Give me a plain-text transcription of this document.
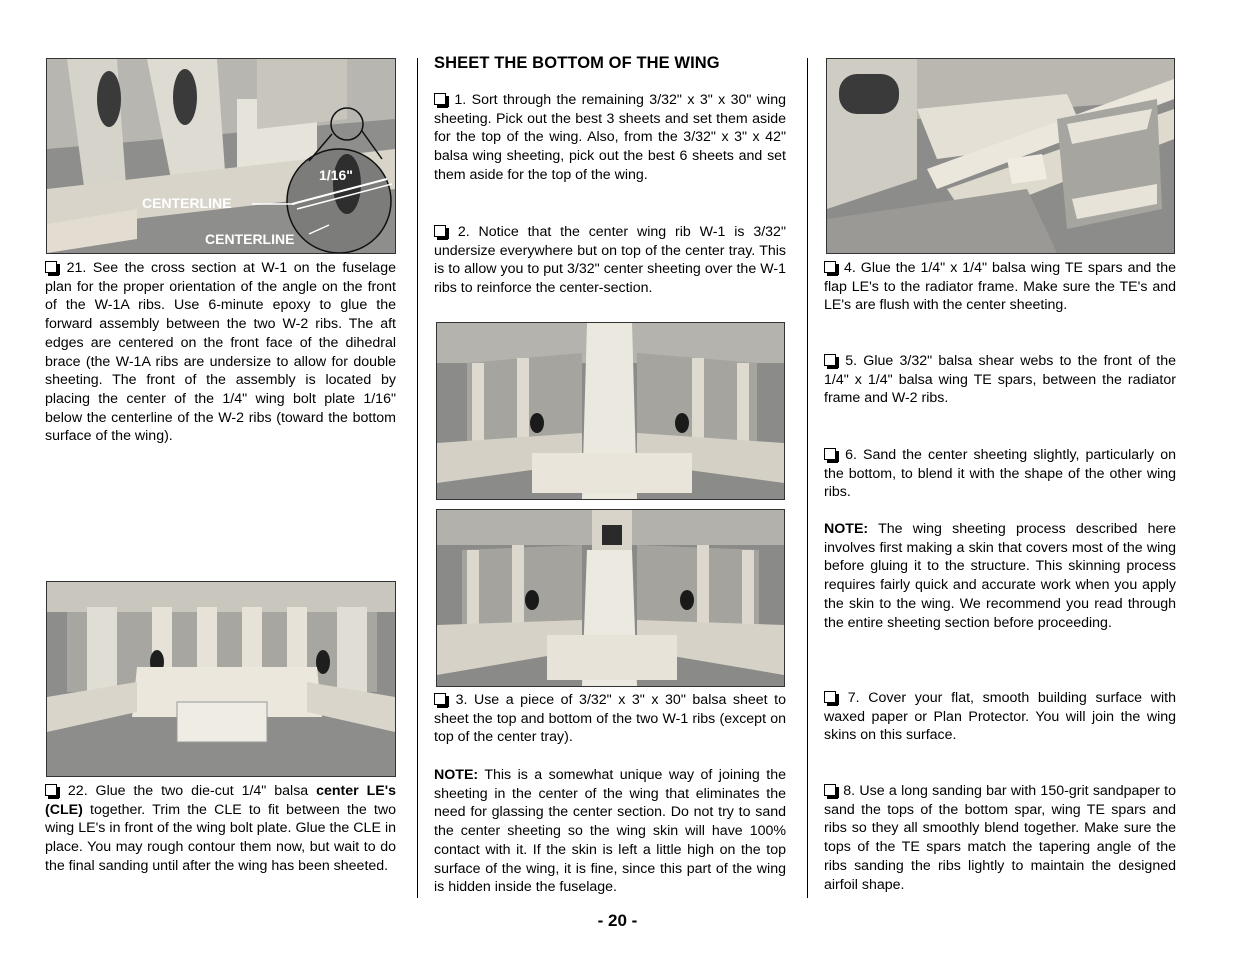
CENTERLINE
CENTERLINE
1/16"

21. See the cross section at W-1 on the fuselage plan for the proper orientation of the angle on the front of the W-1A ribs. Use 6-minute epoxy to glue the forward assembly between the two W-2 ribs. The aft edges are centered on the front face of the dihedral brace (the W-1A ribs are undersize to allow for double sheeting. The front of the assembly is located by placing the center of the 1/4" wing bolt plate 1/16" below the centerline of the W-2 ribs (toward the bottom surface of the wing).

22. Glue the two die-cut 1/4" balsa center LE's (CLE) together. Trim the CLE to fit between the two wing LE's in front of the wing bolt plate. Glue the CLE in place. You may rough contour them now, but wait to do the final sanding until after the wing has been sheeted.

SHEET THE BOTTOM OF THE WING

1. Sort through the remaining 3/32" x 3" x 30" wing sheeting. Pick out the best 3 sheets and set them aside for the top of the wing. Also, from the 3/32" x 3" x 42" balsa wing sheeting, pick out the best 6 sheets and set them aside for the top of the wing.

2. Notice that the center wing rib W-1 is 3/32" undersize everywhere but on top of the center tray. This is to allow you to put 3/32" center sheeting over the W-1 ribs to reinforce the center-section.

3. Use a piece of 3/32" x 3" x 30" balsa sheet to sheet the top and bottom of the two W-1 ribs (except on top of the center tray).

NOTE: This is a somewhat unique way of joining the sheeting in the center of the wing that eliminates the need for glassing the center section. Do not try to sand the center sheeting so the wing skin will have 100% contact with it. If the skin is left a little high on the top surface of the wing, it is fine, since this part of the wing is hidden inside the fuselage.

4. Glue the 1/4" x 1/4" balsa wing TE spars and the flap LE's to the radiator frame. Make sure the TE's and LE's are flush with the center sheeting.

5. Glue 3/32" balsa shear webs to the front of the 1/4" x 1/4" balsa wing TE spars, between the radiator frame and W-2 ribs.

6. Sand the center sheeting slightly, particularly on the bottom, to blend it with the shape of the other wing ribs.

NOTE: The wing sheeting process described here involves first making a skin that covers most of the wing before gluing it to the structure. This skinning process requires fairly quick and accurate work when you apply the skin to the wing. We recommend you read through the entire sheeting section before proceeding.

7. Cover your flat, smooth building surface with waxed paper or Plan Protector. You will join the wing skins on this surface.

8. Use a long sanding bar with 150-grit sandpaper to sand the tops of the bottom spar, wing TE spars and ribs so they all smoothly blend together. Make sure the tops of the TE spars match the tapering angle of the ribs sanding the ribs lightly to maintain the designed airfoil shape.

- 20 -
